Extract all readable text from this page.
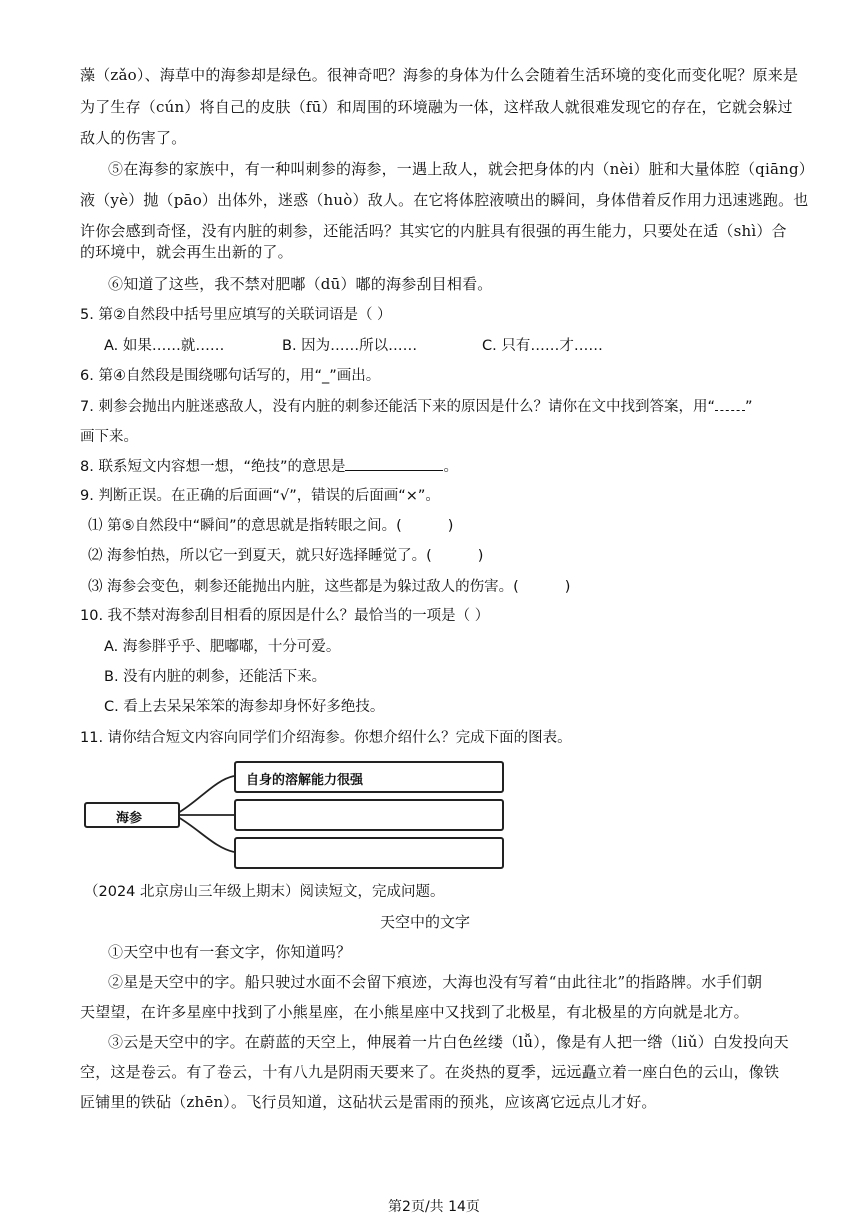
藻（zǎo）、海草中的海参却是绿色。很神奇吧？海参的身体为什么会随着生活环境的变化而变化呢？原来是
为了生存（cún）将自己的皮肤（fū）和周围的环境融为一体，这样敌人就很难发现它的存在，它就会躲过
敌人的伤害了。
⑤在海参的家族中，有一种叫刺参的海参，一遇上敌人，就会把身体的内（nèi）脏和大量体腔（qiāng）
液（yè）抛（pāo）出体外，迷惑（huò）敌人。在它将体腔液喷出的瞬间，身体借着反作用力迅速逃跑。也
许你会感到奇怪，没有内脏的刺参，还能活吗？其实它的内脏具有很强的再生能力，只要处在适（shì）合
的环境中，就会再生出新的了。
⑥知道了这些，我不禁对肥嘟（dū）嘟的海参刮目相看。
5. 第②自然段中括号里应填写的关联词语是（ ）
A. 如果……就……	B. 因为……所以……	C. 只有……才……
6. 第④自然段是围绕哪句话写的，用“_”画出。
7. 刺参会抛出内脏迷惑敌人，没有内脏的刺参还能活下来的原因是什么？请你在文中找到答案，用“ ”
画下来。
8. 联系短文内容想一想，“绝技”的意思是	。
9. 判断正误。在正确的后面画“√”，错误的后面画“×”。
⑴ 第⑤自然段中“瞬间”的意思就是指转眼之间。(	)
⑵ 海参怕热，所以它一到夏天，就只好选择睡觉了。(	)
⑶ 海参会变色，刺参还能抛出内脏，这些都是为躲过敌人的伤害。(	)
10. 我不禁对海参刮目相看的原因是什么？最恰当的一项是（ ）
A. 海参胖乎乎、肥嘟嘟，十分可爱。
B. 没有内脏的刺参，还能活下来。
C. 看上去呆呆笨笨的海参却身怀好多绝技。
11. 请你结合短文内容向同学们介绍海参。你想介绍什么？完成下面的图表。
海参
自身的溶解能力很强
（2024 北京房山三年级上期末）阅读短文，完成问题。
天空中的文字
①天空中也有一套文字，你知道吗？
②星是天空中的字。船只驶过水面不会留下痕迹，大海也没有写着“由此往北”的指路牌。水手们朝
天望望，在许多星座中找到了小熊星座，在小熊星座中又找到了北极星，有北极星的方向就是北方。
③云是天空中的字。在蔚蓝的天空上，伸展着一片白色丝缕（lǚ），像是有人把一绺（liǔ）白发投向天
空，这是卷云。有了卷云，十有八九是阴雨天要来了。在炎热的夏季，远远矗立着一座白色的云山，像铁
匠铺里的铁砧（zhēn）。飞行员知道，这砧状云是雷雨的预兆，应该离它远点儿才好。
第2页/共 14页
